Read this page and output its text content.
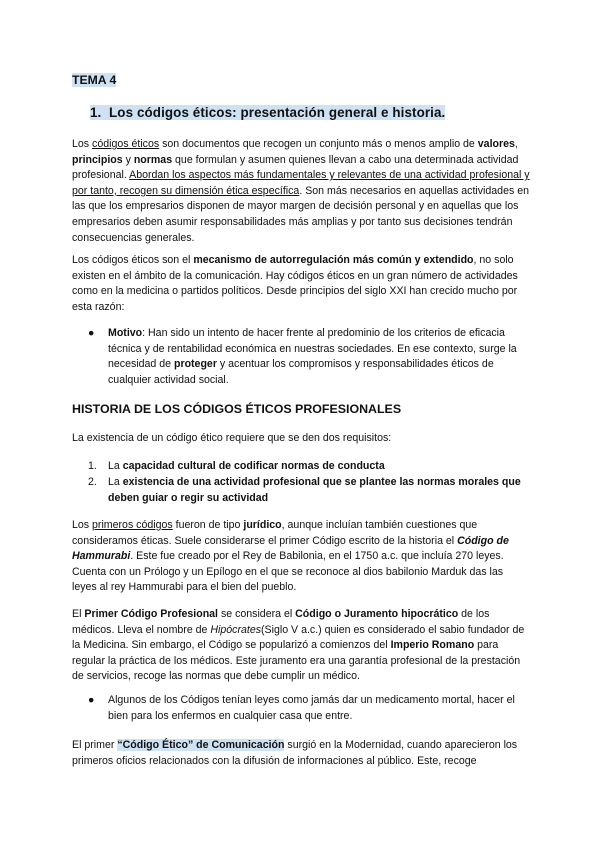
TEMA 4
1. Los códigos éticos: presentación general e historia.

Los códigos éticos son documentos que recogen un conjunto más o menos amplio de valores, principios y normas que formulan y asumen quienes llevan a cabo una determinada actividad profesional. Abordan los aspectos más fundamentales y relevantes de una actividad profesional y por tanto, recogen su dimensión ética específica. Son más necesarios en aquellas actividades en las que los empresarios disponen de mayor margen de decisión personal y en aquellas que los empresarios deben asumir responsabilidades más amplias y por tanto sus decisiones tendrán consecuencias generales.

Los códigos éticos son el mecanismo de autorregulación más común y extendido, no solo existen en el ámbito de la comunicación. Hay códigos éticos en un gran número de actividades como en la medicina o partidos políticos. Desde principios del siglo XXI han crecido mucho por esta razón:

● Motivo: Han sido un intento de hacer frente al predominio de los criterios de eficacia técnica y de rentabilidad económica en nuestras sociedades. En ese contexto, surge la necesidad de proteger y acentuar los compromisos y responsabilidades éticos de cualquier actividad social.

HISTORIA DE LOS CÓDIGOS ÉTICOS PROFESIONALES

La existencia de un código ético requiere que se den dos requisitos:

1. La capacidad cultural de codificar normas de conducta

2. La existencia de una actividad profesional que se plantee las normas morales que deben guiar o regir su actividad

Los primeros códigos fueron de tipo jurídico, aunque incluían también cuestiones que consideramos éticas. Suele considerarse el primer Código escrito de la historia el Código de Hammurabi. Este fue creado por el Rey de Babilonia, en el 1750 a.c. que incluía 270 leyes. Cuenta con un Prólogo y un Epílogo en el que se reconoce al dios babilonio Marduk das las leyes al rey Hammurabi para el bien del pueblo.

El Primer Código Profesional se considera el Código o Juramento hipocrático de los médicos. Lleva el nombre de Hipócrates(Siglo V a.c.) quien es considerado el sabio fundador de la Medicina. Sin embargo, el Código se popularizó a comienzos del Imperio Romano para regular la práctica de los médicos. Este juramento era una garantía profesional de la prestación de servicios, recoge las normas que debe cumplir un médico.

● Algunos de los Códigos tenían leyes como jamás dar un medicamento mortal, hacer el bien para los enfermos en cualquier casa que entre.

El primer “Código Ético” de Comunicación surgió en la Modernidad, cuando aparecieron los primeros oficios relacionados con la difusión de informaciones al público. Este, recoge
